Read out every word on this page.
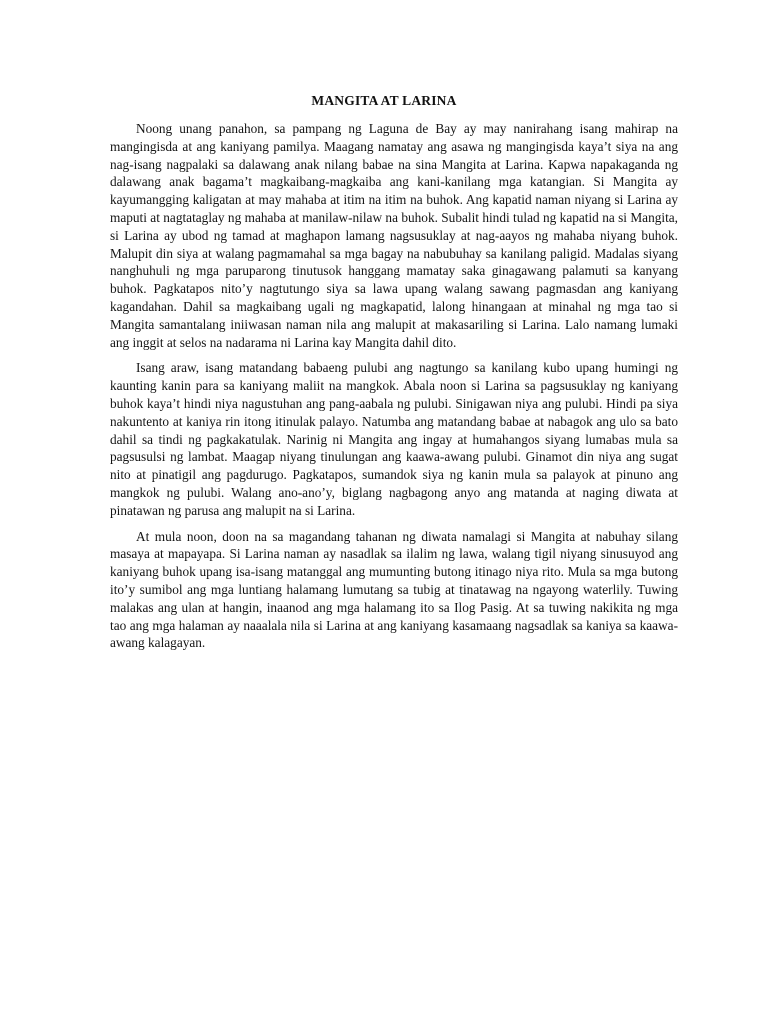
MANGITA AT LARINA

Noong unang panahon, sa pampang ng Laguna de Bay ay may nanirahang isang mahirap na mangingisda at ang kaniyang pamilya. Maagang namatay ang asawa ng mangingisda kaya’t siya na ang nag-isang nagpalaki sa dalawang anak nilang babae na sina Mangita at Larina. Kapwa napakaganda ng dalawang anak bagama’t magkaibang-magkaiba ang kani-kanilang mga katangian. Si Mangita ay kayumangging kaligatan at may mahaba at itim na itim na buhok. Ang kapatid naman niyang si Larina ay maputi at nagtataglay ng mahaba at manilaw-nilaw na buhok. Subalit hindi tulad ng kapatid na si Mangita, si Larina ay ubod ng tamad at maghapon lamang nagsusuklay at nag-aayos ng mahaba niyang buhok. Malupit din siya at walang pagmamahal sa mga bagay na nabubuhay sa kanilang paligid. Madalas siyang nanghuhuli ng mga paruparong tinutusok hanggang mamatay saka ginagawang palamuti sa kanyang buhok. Pagkatapos nito’y nagtutungo siya sa lawa upang walang sawang pagmasdan ang kaniyang kagandahan. Dahil sa magkaibang ugali ng magkapatid, lalong hinangaan at minahal ng mga tao si Mangita samantalang iniiwasan naman nila ang malupit at makasariling si Larina. Lalo namang lumaki ang inggit at selos na nadarama ni Larina kay Mangita dahil dito.

Isang araw, isang matandang babaeng pulubi ang nagtungo sa kanilang kubo upang humingi ng kaunting kanin para sa kaniyang maliit na mangkok. Abala noon si Larina sa pagsusuklay ng kaniyang buhok kaya’t hindi niya nagustuhan ang pang-aabala ng pulubi. Sinigawan niya ang pulubi. Hindi pa siya nakuntento at kaniya rin itong itinulak palayo. Natumba ang matandang babae at nabagok ang ulo sa bato dahil sa tindi ng pagkakatulak. Narinig ni Mangita ang ingay at humahangos siyang lumabas mula sa pagsusulsi ng lambat. Maagap niyang tinulungan ang kaawa-awang pulubi. Ginamot din niya ang sugat nito at pinatigil ang pagdurugo. Pagkatapos, sumandok siya ng kanin mula sa palayok at pinuno ang mangkok ng pulubi. Walang ano-ano’y, biglang nagbagong anyo ang matanda at naging diwata at pinatawan ng parusa ang malupit na si Larina.

At mula noon, doon na sa magandang tahanan ng diwata namalagi si Mangita at nabuhay silang masaya at mapayapa. Si Larina naman ay nasadlak sa ilalim ng lawa, walang tigil niyang sinusuyod ang kaniyang buhok upang isa-isang matanggal ang mumunting butong itinago niya rito. Mula sa mga butong ito’y sumibol ang mga luntiang halamang lumutang sa tubig at tinatawag na ngayong waterlily. Tuwing malakas ang ulan at hangin, inaanod ang mga halamang ito sa Ilog Pasig. At sa tuwing nakikita ng mga tao ang mga halaman ay naaalala nila si Larina at ang kaniyang kasamaang nagsadlak sa kaniya sa kaawa-awang kalagayan.
